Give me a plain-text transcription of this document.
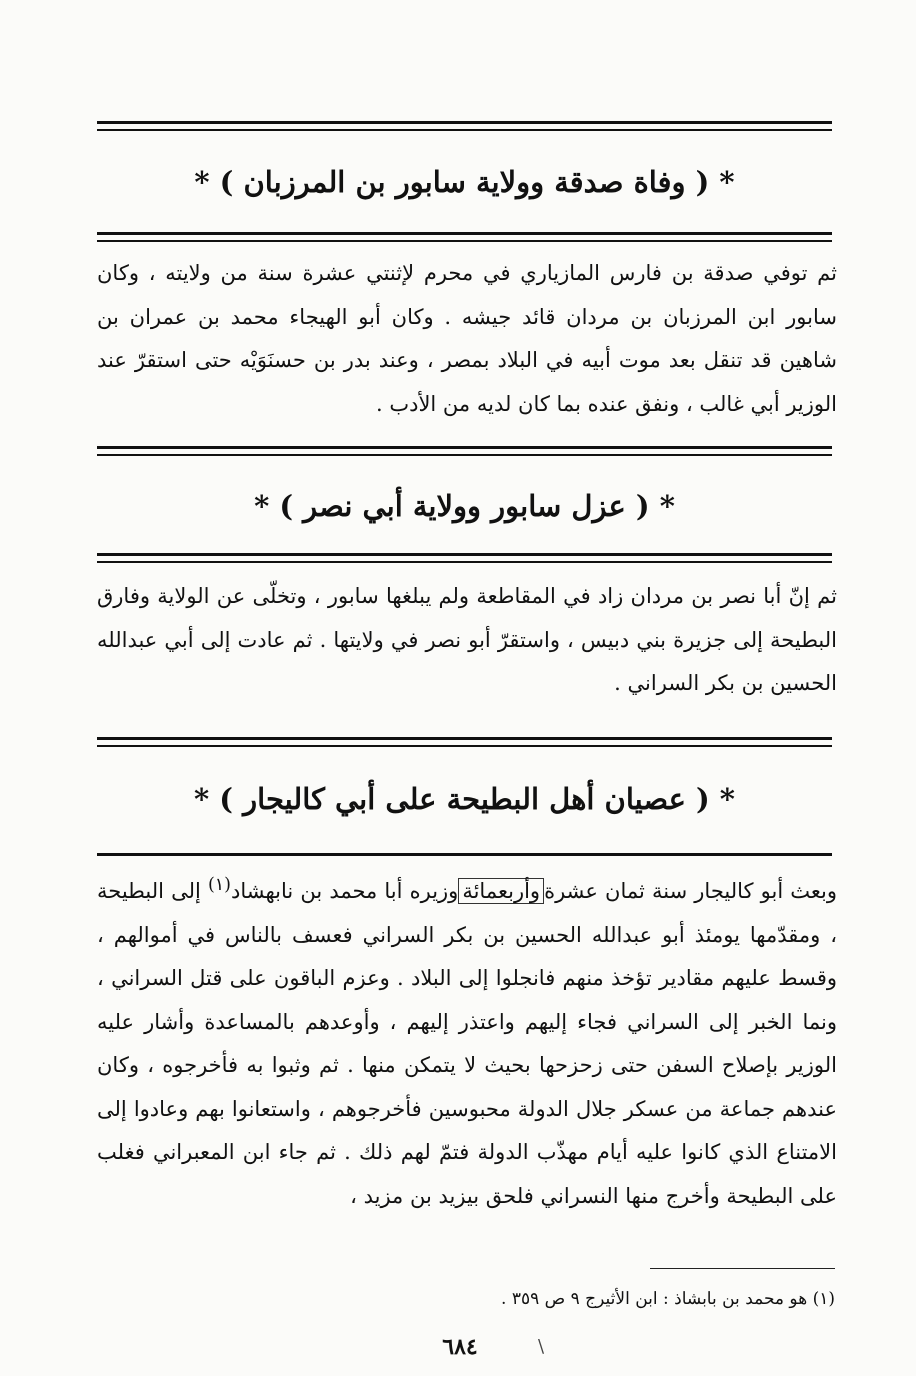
* ( وفاة صدقة وولاية سابور بن المرزبان ) *
ثم توفي صدقة بن فارس المازياري في محرم لإثنتي عشرة سنة من ولايته ، وكان سابور ابن المرزبان بن مردان قائد جيشه . وكان أبو الهيجاء محمد بن عمران بن شاهين قد تنقل بعد موت أبيه في البلاد بمصر ، وعند بدر بن حسنَوَيْه حتى استقرّ عند الوزير أبي غالب ، ونفق عنده بما كان لديه من الأدب .
* ( عزل سابور وولاية أبي نصر ) *
ثم إنّ أبا نصر بن مردان زاد في المقاطعة ولم يبلغها سابور ، وتخلّى عن الولاية وفارق البطيحة إلى جزيرة بني دبيس ، واستقرّ أبو نصر في ولايتها . ثم عادت إلى أبي عبدالله الحسين بن بكر السراني .
* ( عصيان أهل البطيحة على أبي كاليجار ) *

وبعث أبو كاليجار سنة ثمان عشرةوأربعمائةوزيره أبا محمد بن نابهشاد$^{(١)}$ إلى البطيحة ، ومقدّمها يومئذ أبو عبدالله الحسين بن بكر السراني فعسف بالناس في أموالهم ، وقسط عليهم مقادير تؤخذ منهم فانجلوا إلى البلاد . وعزم الباقون على قتل السراني ، ونما الخبر إلى السراني فجاء إليهم واعتذر إليهم ، وأوعدهم بالمساعدة وأشار عليه الوزير بإصلاح السفن حتى زحزحها بحيث لا يتمكن منها . ثم وثبوا به فأخرجوه ، وكان عندهم جماعة من عسكر جلال الدولة محبوسين فأخرجوهم ، واستعانوا بهم وعادوا إلى الامتناع الذي كانوا عليه أيام مهذّب الدولة فتمّ لهم ذلك . ثم جاء ابن المعبراني فغلب على البطيحة وأخرج منها النسراني فلحق بيزيد بن مزيد ،

(١) هو محمد بن بابشاذ : ابن الأثيرج ٩ ص ٣٥٩ .
٦٨٤	\
